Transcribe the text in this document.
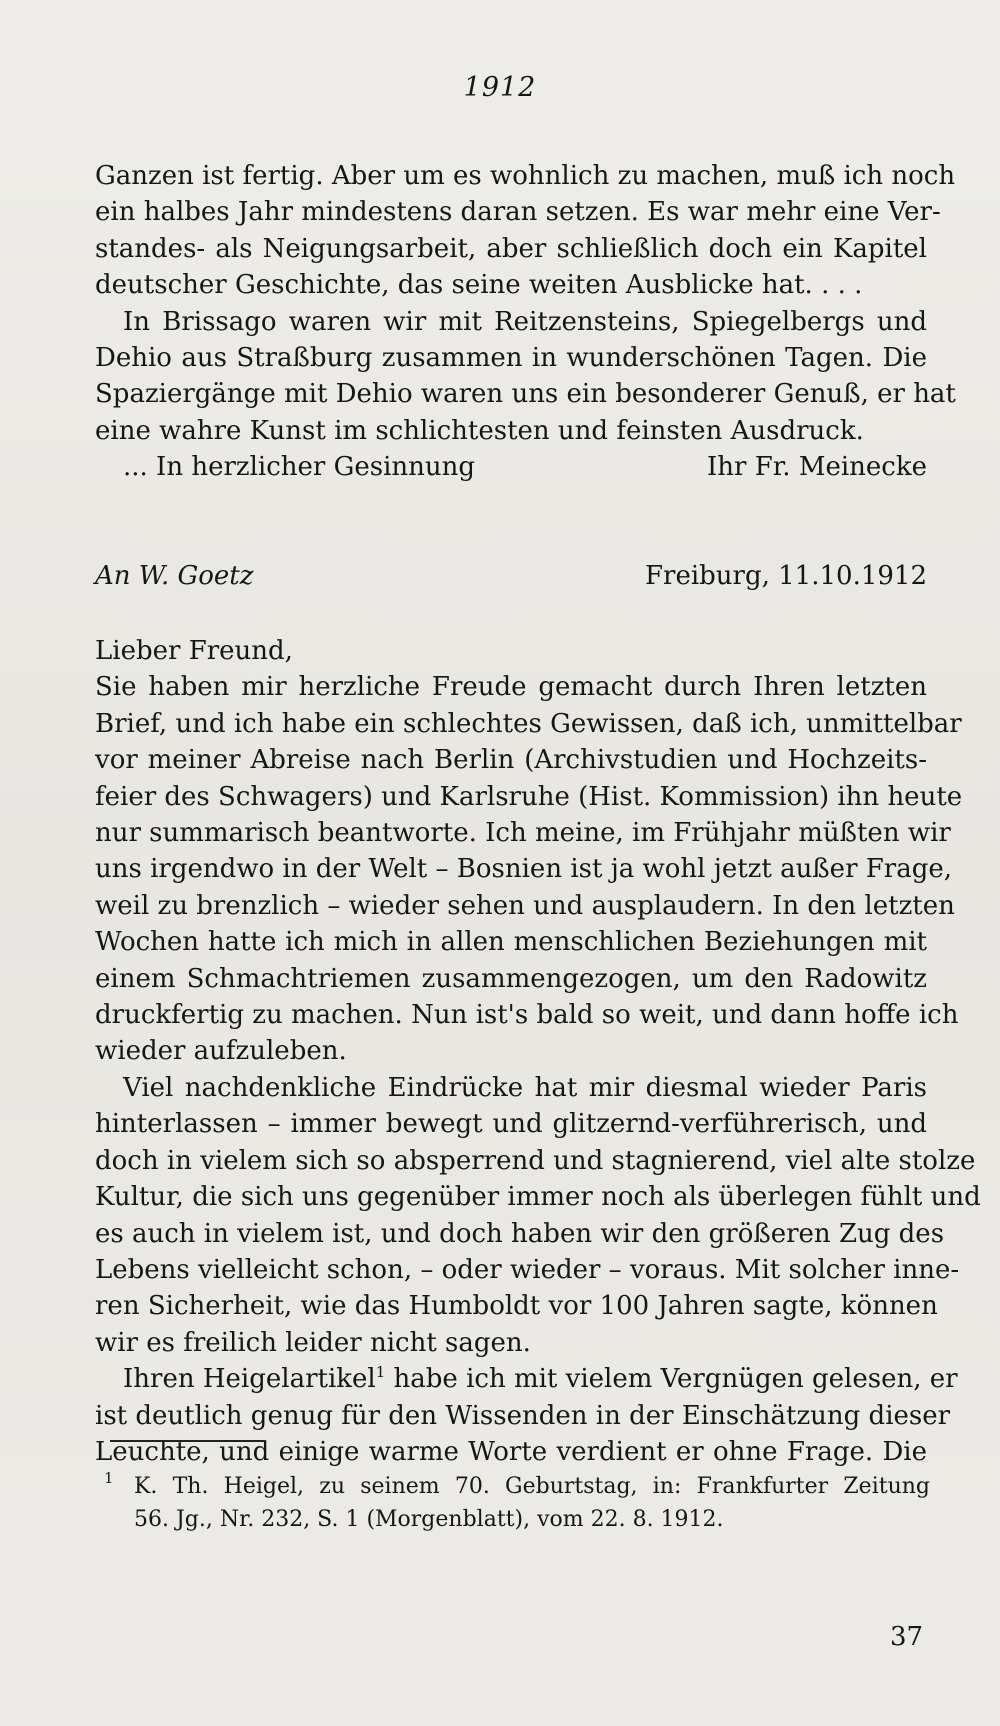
1912
Ganzen ist fertig. Aber um es wohnlich zu machen, muß ich noch
ein halbes Jahr mindestens daran setzen. Es war mehr eine Ver-
standes- als Neigungsarbeit, aber schließlich doch ein Kapitel
deutscher Geschichte, das seine weiten Ausblicke hat. . . .
In Brissago waren wir mit Reitzensteins, Spiegelbergs und
Dehio aus Straßburg zusammen in wunderschönen Tagen. Die
Spaziergänge mit Dehio waren uns ein besonderer Genuß, er hat
eine wahre Kunst im schlichtesten und feinsten Ausdruck.
... In herzlicher Gesinnung	Ihr Fr. Meinecke
An W. Goetz	Freiburg, 11.10.1912
Lieber Freund,
Sie haben mir herzliche Freude gemacht durch Ihren letzten
Brief, und ich habe ein schlechtes Gewissen, daß ich, unmittelbar
vor meiner Abreise nach Berlin (Archivstudien und Hochzeits-
feier des Schwagers) und Karlsruhe (Hist. Kommission) ihn heute
nur summarisch beantworte. Ich meine, im Frühjahr müßten wir
uns irgendwo in der Welt – Bosnien ist ja wohl jetzt außer Frage,
weil zu brenzlich – wieder sehen und ausplaudern. In den letzten
Wochen hatte ich mich in allen menschlichen Beziehungen mit
einem Schmachtriemen zusammengezogen, um den Radowitz
druckfertig zu machen. Nun ist's bald so weit, und dann hoffe ich
wieder aufzuleben.
Viel nachdenkliche Eindrücke hat mir diesmal wieder Paris
hinterlassen – immer bewegt und glitzernd-verführerisch, und
doch in vielem sich so absperrend und stagnierend, viel alte stolze
Kultur, die sich uns gegenüber immer noch als überlegen fühlt und
es auch in vielem ist, und doch haben wir den größeren Zug des
Lebens vielleicht schon, – oder wieder – voraus. Mit solcher inne-
ren Sicherheit, wie das Humboldt vor 100 Jahren sagte, können
wir es freilich leider nicht sagen.
Ihren Heigelartikel$^1$ habe ich mit vielem Vergnügen gelesen, er
ist deutlich genug für den Wissenden in der Einschätzung dieser
Leuchte, und einige warme Worte verdient er ohne Frage. Die
1 K. Th. Heigel, zu seinem 70. Geburtstag, in: Frankfurter Zeitung
56. Jg., Nr. 232, S. 1 (Morgenblatt), vom 22. 8. 1912.
37
